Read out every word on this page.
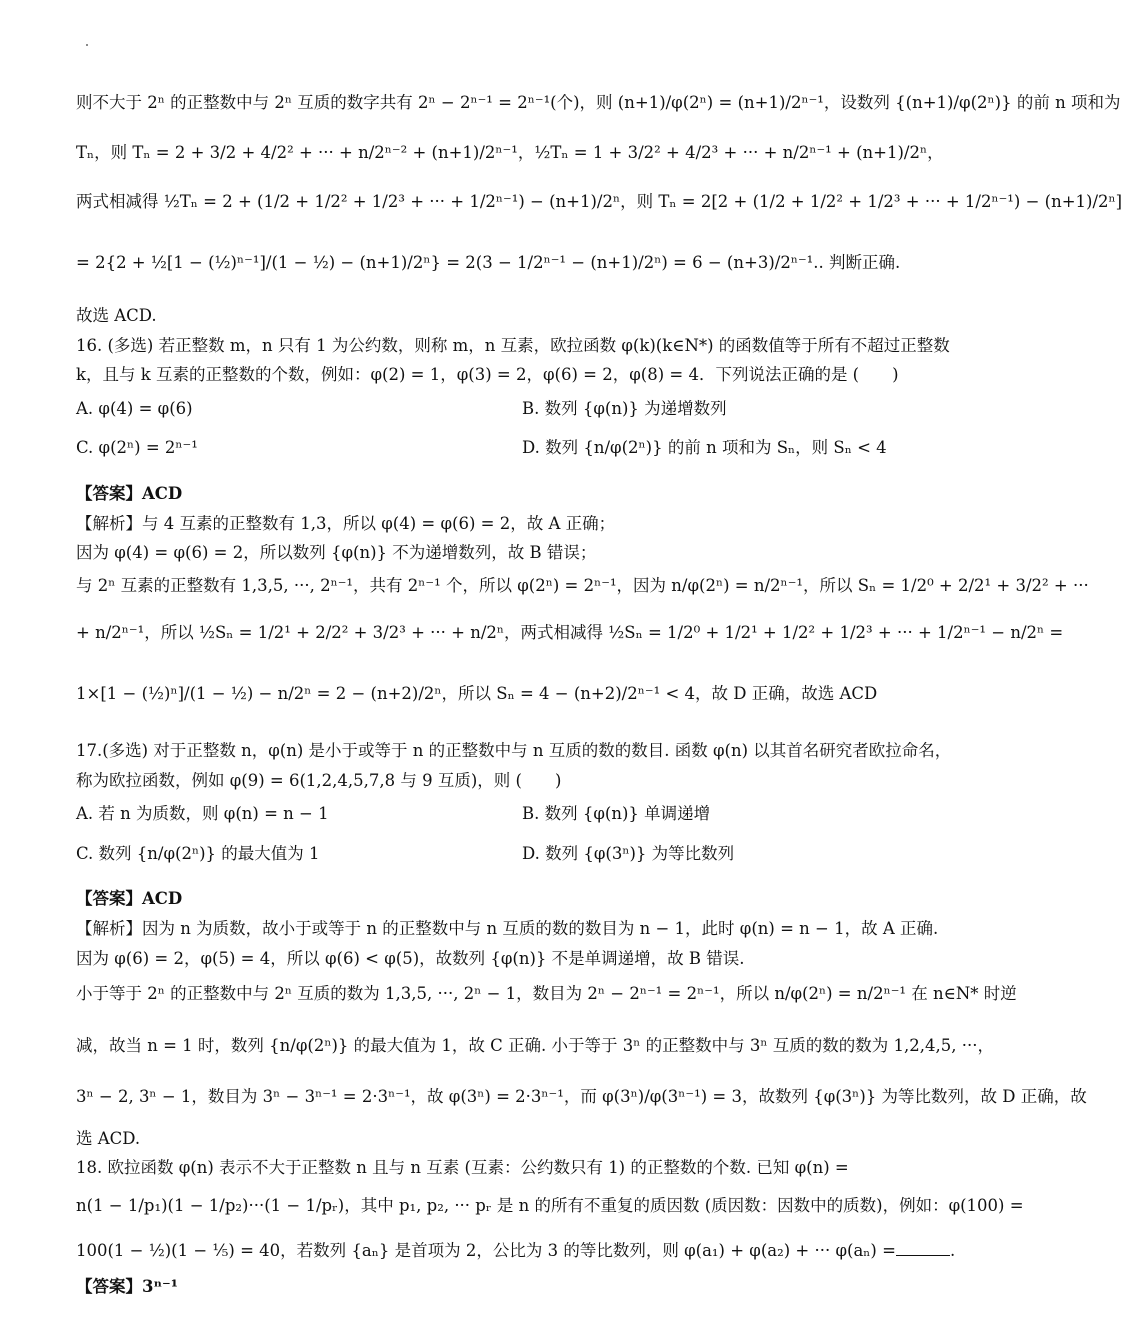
则不大于 2ⁿ 的正整数中与 2ⁿ 互质的数字共有 2ⁿ − 2ⁿ⁻¹ = 2ⁿ⁻¹(个)，则 (n+1)/φ(2ⁿ) = (n+1)/2ⁿ⁻¹，设数列 {(n+1)/φ(2ⁿ)} 的前 n 项和为
Tₙ，则 Tₙ = 2 + 3/2 + 4/2² + ··· + n/2ⁿ⁻² + (n+1)/2ⁿ⁻¹，½Tₙ = 1 + 3/2² + 4/2³ + ··· + n/2ⁿ⁻¹ + (n+1)/2ⁿ，
两式相减得 ½Tₙ = 2 + (1/2 + 1/2² + 1/2³ + ··· + 1/2ⁿ⁻¹) − (n+1)/2ⁿ，则 Tₙ = 2[2 + (1/2 + 1/2² + 1/2³ + ··· + 1/2ⁿ⁻¹) − (n+1)/2ⁿ]
= 2{2 + ½[1 − (½)ⁿ⁻¹]/(1 − ½) − (n+1)/2ⁿ} = 2(3 − 1/2ⁿ⁻¹ − (n+1)/2ⁿ) = 6 − (n+3)/2ⁿ⁻¹.. 判断正确.
故选 ACD.
16. (多选) 若正整数 m，n 只有 1 为公约数，则称 m，n 互素，欧拉函数 φ(k)(k∈N*) 的函数值等于所有不超过正整数
k，且与 k 互素的正整数的个数，例如：φ(2) = 1，φ(3) = 2，φ(6) = 2，φ(8) = 4．下列说法正确的是 (　　)
A. φ(4) = φ(6)	B. 数列 {φ(n)} 为递增数列
C. φ(2ⁿ) = 2ⁿ⁻¹	D. 数列 {n/φ(2ⁿ)} 的前 n 项和为 Sₙ，则 Sₙ < 4
【答案】ACD
【解析】与 4 互素的正整数有 1,3，所以 φ(4) = φ(6) = 2，故 A 正确；
因为 φ(4) = φ(6) = 2，所以数列 {φ(n)} 不为递增数列，故 B 错误；
与 2ⁿ 互素的正整数有 1,3,5, ···, 2ⁿ⁻¹，共有 2ⁿ⁻¹ 个，所以 φ(2ⁿ) = 2ⁿ⁻¹，因为 n/φ(2ⁿ) = n/2ⁿ⁻¹，所以 Sₙ = 1/2⁰ + 2/2¹ + 3/2² + ···
+ n/2ⁿ⁻¹，所以 ½Sₙ = 1/2¹ + 2/2² + 3/2³ + ··· + n/2ⁿ，两式相减得 ½Sₙ = 1/2⁰ + 1/2¹ + 1/2² + 1/2³ + ··· + 1/2ⁿ⁻¹ − n/2ⁿ =
1×[1 − (½)ⁿ]/(1 − ½) − n/2ⁿ = 2 − (n+2)/2ⁿ，所以 Sₙ = 4 − (n+2)/2ⁿ⁻¹ < 4，故 D 正确，故选 ACD
17.(多选) 对于正整数 n，φ(n) 是小于或等于 n 的正整数中与 n 互质的数的数目. 函数 φ(n) 以其首名研究者欧拉命名，
称为欧拉函数，例如 φ(9) = 6(1,2,4,5,7,8 与 9 互质)，则 (　　)
A. 若 n 为质数，则 φ(n) = n − 1	B. 数列 {φ(n)} 单调递增
C. 数列 {n/φ(2ⁿ)} 的最大值为 1	D. 数列 {φ(3ⁿ)} 为等比数列
【答案】ACD
【解析】因为 n 为质数，故小于或等于 n 的正整数中与 n 互质的数的数目为 n − 1，此时 φ(n) = n − 1，故 A 正确.
因为 φ(6) = 2，φ(5) = 4，所以 φ(6) < φ(5)，故数列 {φ(n)} 不是单调递增，故 B 错误.
小于等于 2ⁿ 的正整数中与 2ⁿ 互质的数为 1,3,5, ···, 2ⁿ − 1，数目为 2ⁿ − 2ⁿ⁻¹ = 2ⁿ⁻¹，所以 n/φ(2ⁿ) = n/2ⁿ⁻¹ 在 n∈N* 时逆
减，故当 n = 1 时，数列 {n/φ(2ⁿ)} 的最大值为 1，故 C 正确. 小于等于 3ⁿ 的正整数中与 3ⁿ 互质的数的数为 1,2,4,5, ···，
3ⁿ − 2, 3ⁿ − 1，数目为 3ⁿ − 3ⁿ⁻¹ = 2·3ⁿ⁻¹，故 φ(3ⁿ) = 2·3ⁿ⁻¹，而 φ(3ⁿ)/φ(3ⁿ⁻¹) = 3，故数列 {φ(3ⁿ)} 为等比数列，故 D 正确，故
选 ACD.
18. 欧拉函数 φ(n) 表示不大于正整数 n 且与 n 互素 (互素：公约数只有 1) 的正整数的个数. 已知 φ(n) =
n(1 − 1/p₁)(1 − 1/p₂)···(1 − 1/pᵣ)，其中 p₁, p₂, ··· pᵣ 是 n 的所有不重复的质因数 (质因数：因数中的质数)，例如：φ(100) =
100(1 − ½)(1 − ⅕) = 40，若数列 {aₙ} 是首项为 2，公比为 3 的等比数列，则 φ(a₁) + φ(a₂) + ··· φ(aₙ) =	.
【答案】3ⁿ⁻¹
